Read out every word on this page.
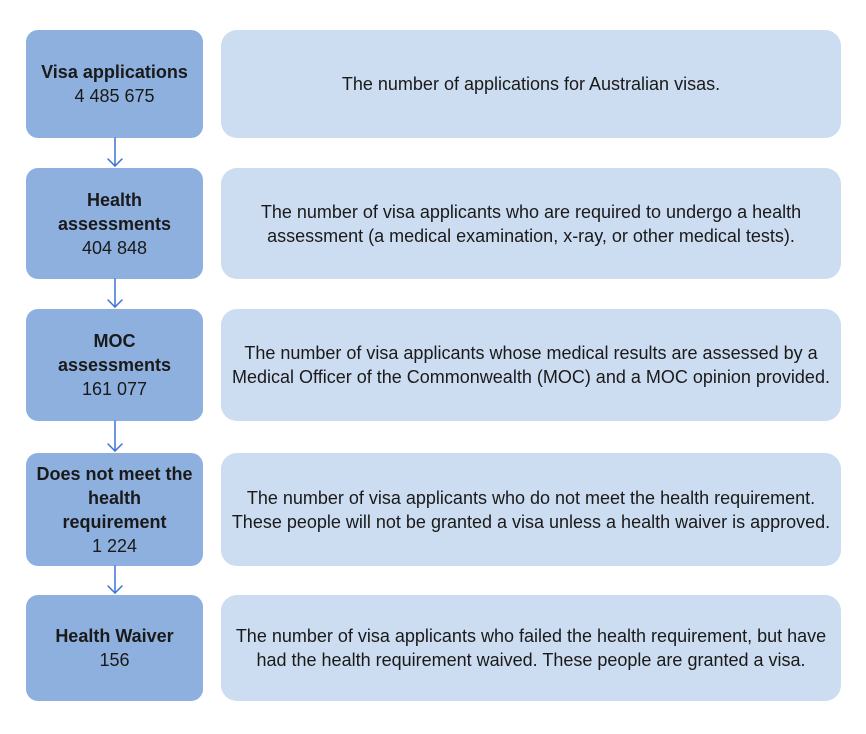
Visa applications
4 485 675
The number of applications for Australian visas.
Health assessments
404 848
The number of visa applicants who are required to undergo a health assessment (a medical examination, x-ray, or other medical tests).
MOC assessments
161 077
The number of visa applicants whose medical results are assessed by a Medical Officer of the Commonwealth (MOC) and a MOC opinion provided.
Does not meet the health requirement
1 224
The number of visa applicants who do not meet the health requirement. These people will not be granted a visa unless a health waiver is approved.
Health Waiver
156
The number of visa applicants who failed the health requirement, but have had the health requirement waived. These people are granted a visa.
